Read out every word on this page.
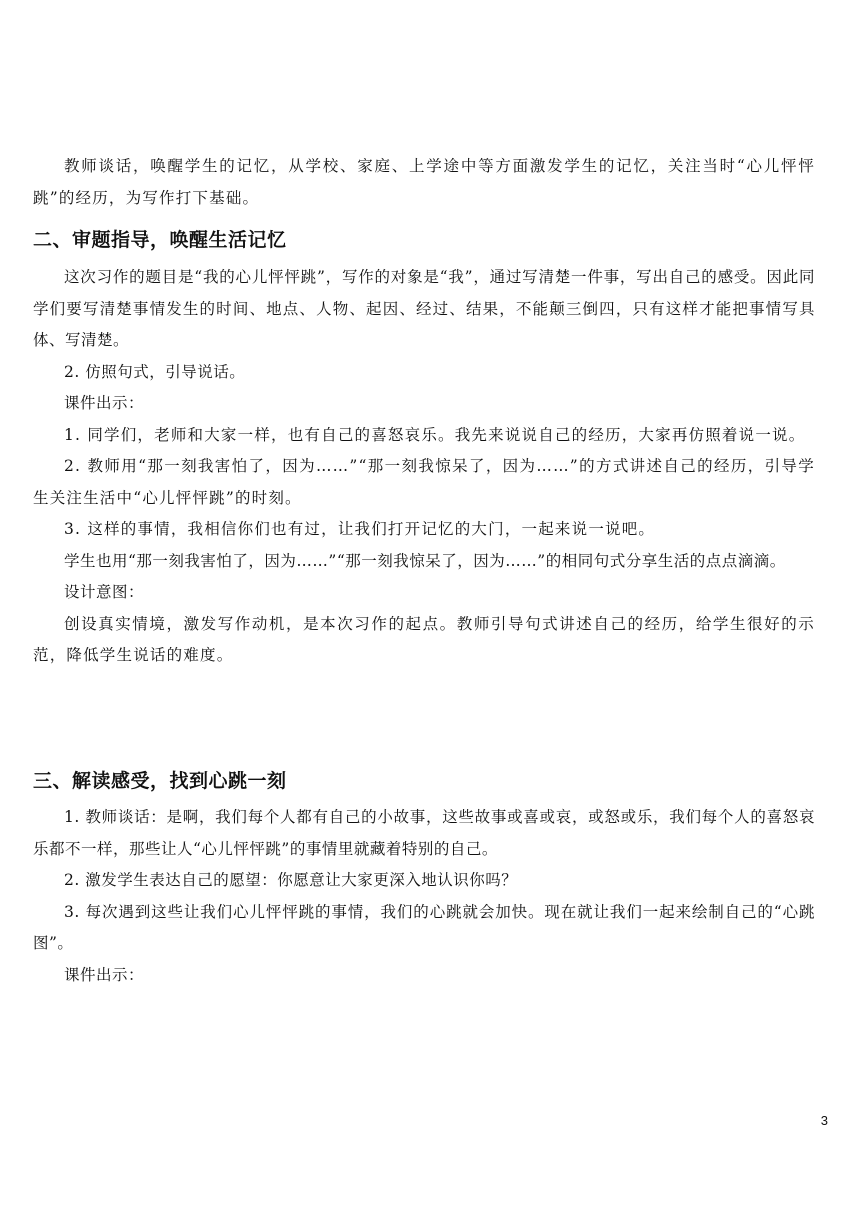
教师谈话，唤醒学生的记忆，从学校、家庭、上学途中等方面激发学生的记忆，关注当时“心儿怦怦跳”的经历，为写作打下基础。

二、审题指导，唤醒生活记忆

这次习作的题目是“我的心儿怦怦跳”，写作的对象是“我”，通过写清楚一件事，写出自己的感受。因此同学们要写清楚事情发生的时间、地点、人物、起因、经过、结果，不能颠三倒四，只有这样才能把事情写具体、写清楚。

2. 仿照句式，引导说话。

课件出示：

1. 同学们，老师和大家一样，也有自己的喜怒哀乐。我先来说说自己的经历，大家再仿照着说一说。

2. 教师用“那一刻我害怕了，因为……”“那一刻我惊呆了，因为……”的方式讲述自己的经历，引导学生关注生活中“心儿怦怦跳”的时刻。

3. 这样的事情，我相信你们也有过，让我们打开记忆的大门，一起来说一说吧。

学生也用“那一刻我害怕了，因为……”“那一刻我惊呆了，因为……”的相同句式分享生活的点点滴滴。

设计意图：

创设真实情境，激发写作动机，是本次习作的起点。教师引导句式讲述自己的经历，给学生很好的示范，降低学生说话的难度。

三、解读感受，找到心跳一刻

1. 教师谈话：是啊，我们每个人都有自己的小故事，这些故事或喜或哀，或怒或乐，我们每个人的喜怒哀乐都不一样，那些让人“心儿怦怦跳”的事情里就藏着特别的自己。

2. 激发学生表达自己的愿望：你愿意让大家更深入地认识你吗？

3. 每次遇到这些让我们心儿怦怦跳的事情，我们的心跳就会加快。现在就让我们一起来绘制自己的“心跳图”。

课件出示：

3
